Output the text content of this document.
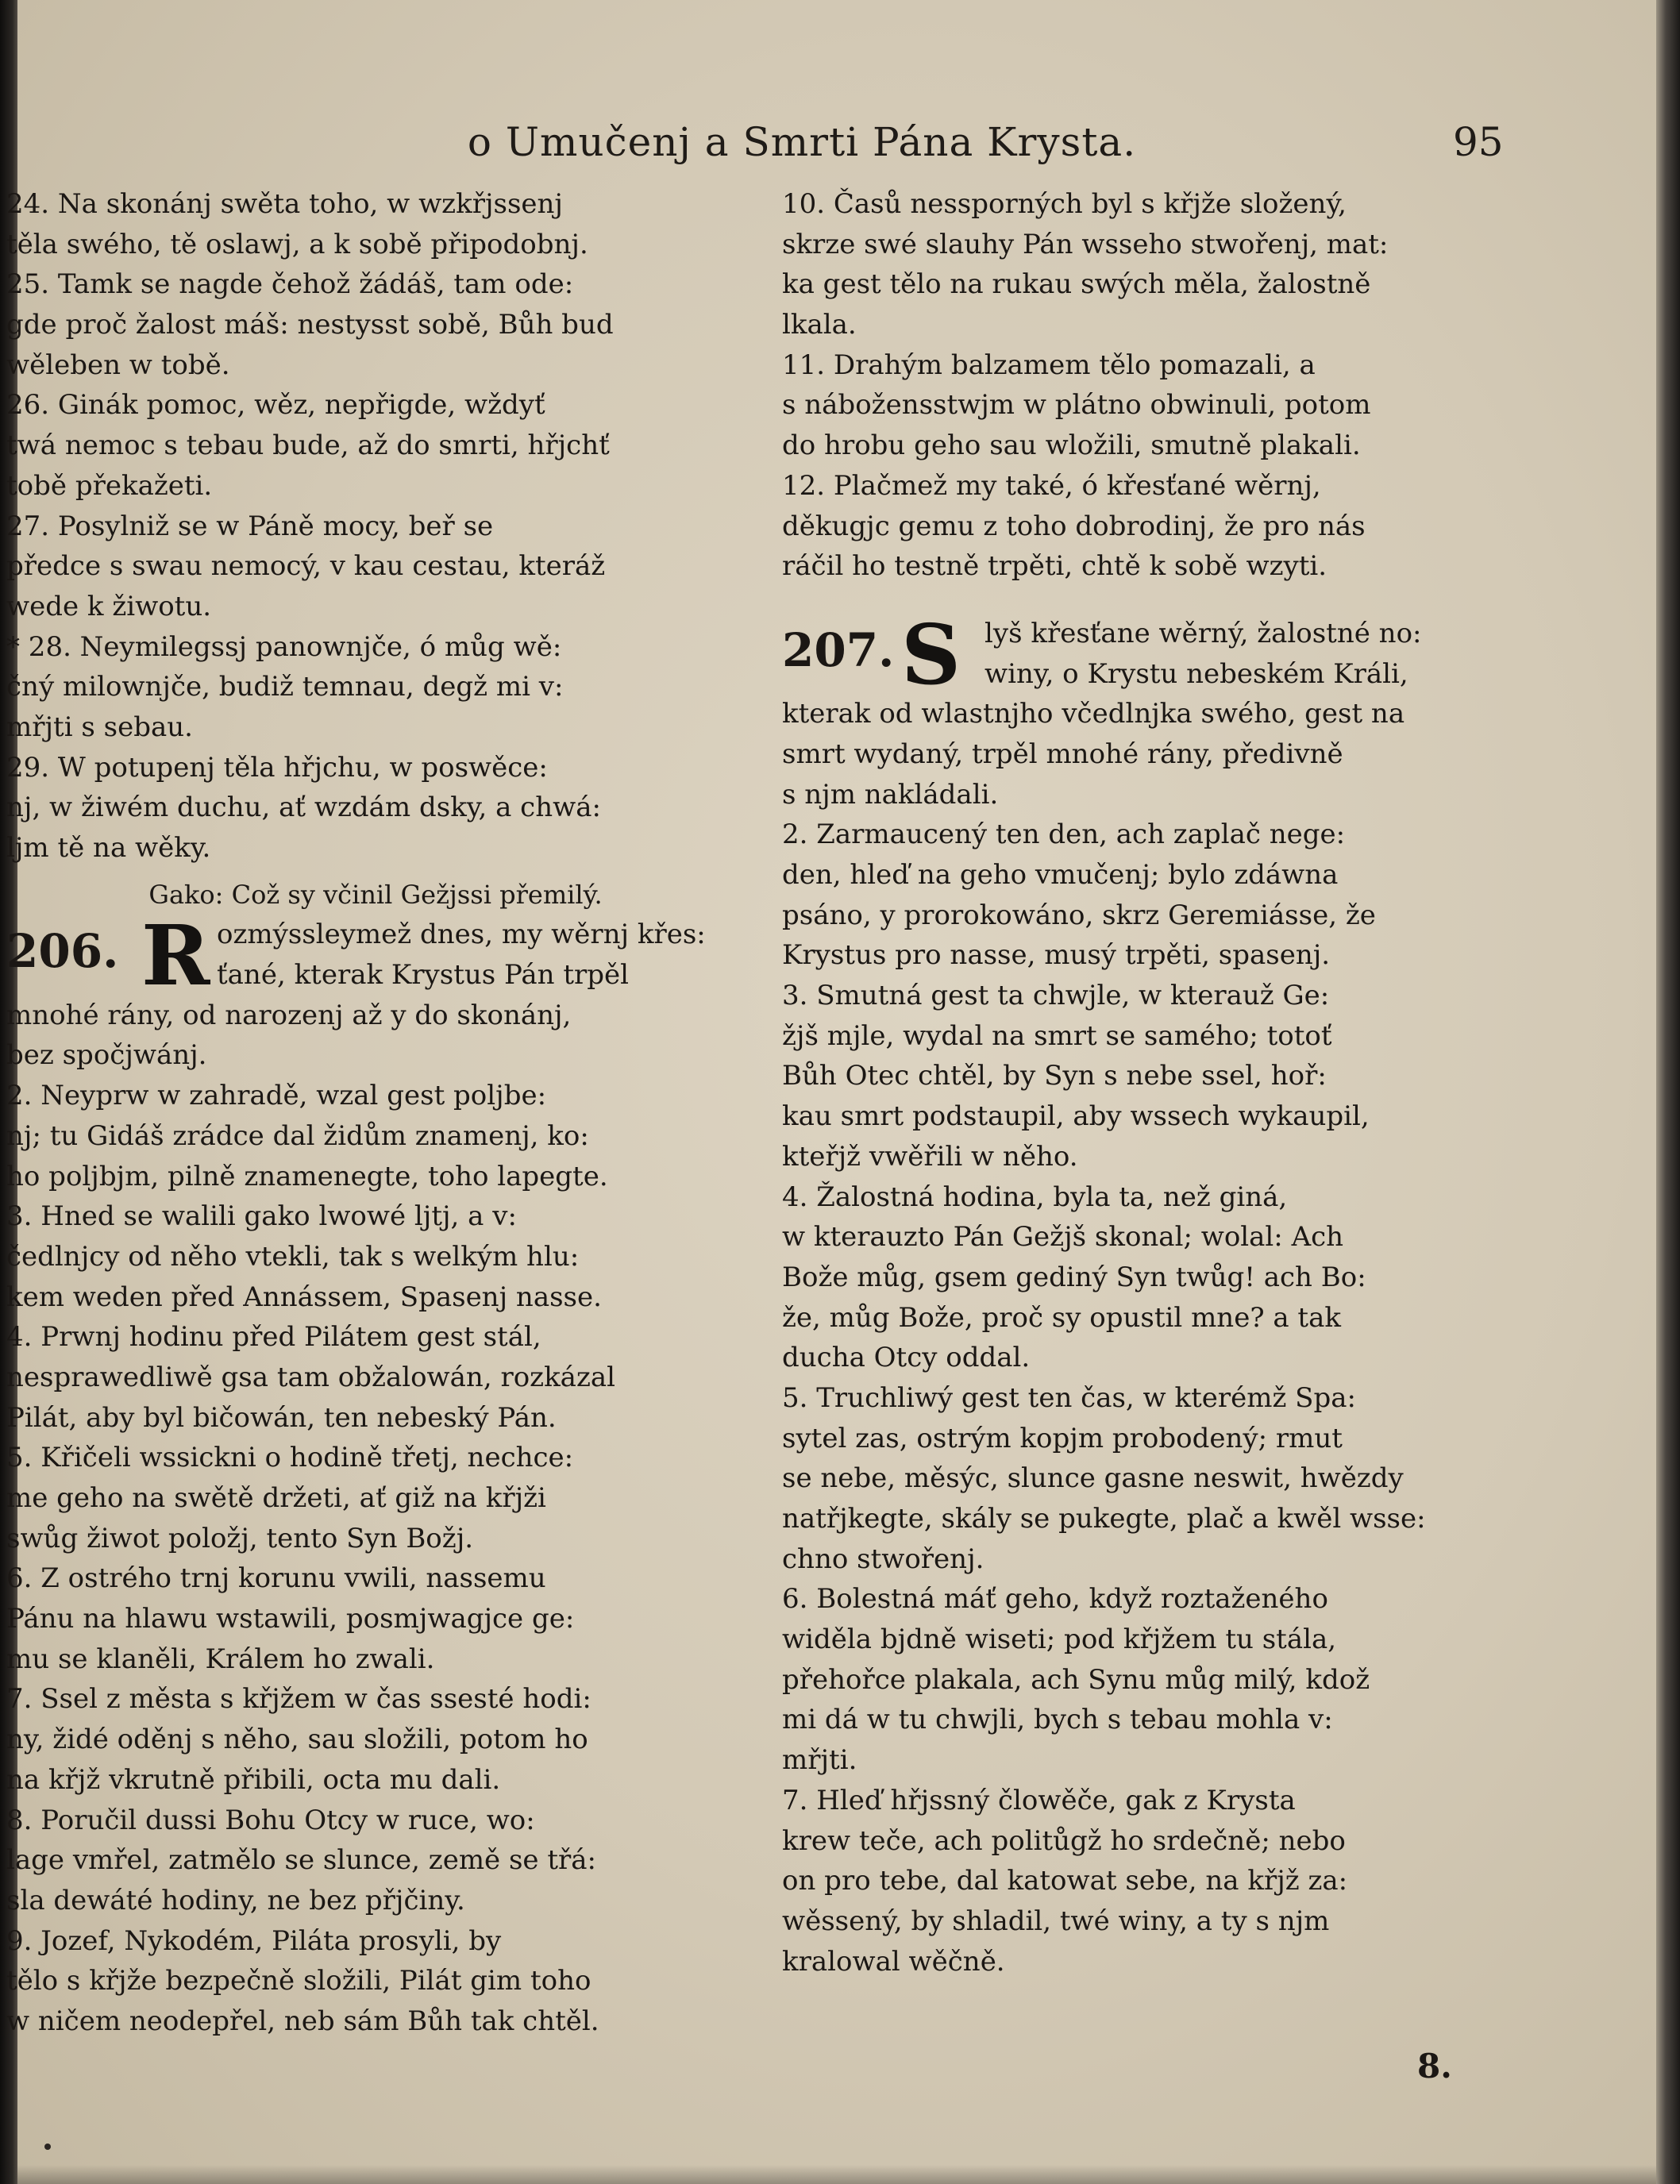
o Umučenj a Smrti Pána Krysta.	95
24. Na skonánj swěta toho, w wzkřjssenj
těla swého, tě oslawj, a k sobě připodobnj.
25. Tamk se nagde čehož žádáš, tam ode:
gde proč žalost máš: nestysst sobě, Bůh bud
wěleben w tobě.
26. Ginák pomoc, wěz, nepřigde, wždyť
twá nemoc s tebau bude, až do smrti, hřjchť
tobě překažeti.
27. Posylniž se w Páně mocy, beř se
předce s swau nemocý, v kau cestau, kteráž
wede k žiwotu.
* 28. Neymilegssj panownjče, ó můg wě:
čný milownjče, budiž temnau, degž mi v:
mřjti s sebau.
29. W potupenj těla hřjchu, w poswěce:
nj, w žiwém duchu, ať wzdám dsky, a chwá:
ljm tě na wěky.
Gako: Což sy včinil Gežjssi přemilý.
206. R ozmýssleymež dnes, my wěrnj křes:
ťané, kterak Krystus Pán trpěl
mnohé rány, od narozenj až y do skonánj,
bez spočjwánj.
2. Neyprw w zahradě, wzal gest poljbe:
nj; tu Gidáš zrádce dal židům znamenj, ko:
ho poljbjm, pilně znamenegte, toho lapegte.
3. Hned se walili gako lwowé ljtj, a v:
čedlnjcy od něho vtekli, tak s welkým hlu:
kem weden před Annássem, Spasenj nasse.
4. Prwnj hodinu před Pilátem gest stál,
nesprawedliwě gsa tam obžalowán, rozkázal
Pilát, aby byl bičowán, ten nebeský Pán.
5. Křičeli wssickni o hodině třetj, nechce:
me geho na swětě držeti, ať giž na křjži
swůg žiwot položj, tento Syn Božj.
6. Z ostrého trnj korunu vwili, nassemu
Pánu na hlawu wstawili, posmjwagjce ge:
mu se klaněli, Králem ho zwali.
7. Ssel z města s křjžem w čas ssesté hodi:
ny, židé oděnj s něho, sau složili, potom ho
na křjž vkrutně přibili, octa mu dali.
8. Poručil dussi Bohu Otcy w ruce, wo:
lage vmřel, zatmělo se slunce, země se třá:
sla dewáté hodiny, ne bez přjčiny.
9. Jozef, Nykodém, Piláta prosyli, by
tělo s křjže bezpečně složili, Pilát gim toho
w ničem neodepřel, neb sám Bůh tak chtěl.
10. Časů nessporných byl s křjže složený,
skrze swé slauhy Pán wsseho stwořenj, mat:
ka gest tělo na rukau swých měla, žalostně
lkala.
11. Drahým balzamem tělo pomazali, a
s nábožensstwjm w plátno obwinuli, potom
do hrobu geho sau wložili, smutně plakali.
12. Plačmež my také, ó křesťané wěrnj,
děkugjc gemu z toho dobrodinj, že pro nás
ráčil ho testně trpěti, chtě k sobě wzyti.
207. S lyš křesťane wěrný, žalostné no:
winy, o Krystu nebeském Králi,
kterak od wlastnjho včedlnjka swého, gest na
smrt wydaný, trpěl mnohé rány, předivně
s njm nakládali.
2. Zarmaucený ten den, ach zaplač nege:
den, hleď na geho vmučenj; bylo zdáwna
psáno, y prorokowáno, skrz Geremiásse, že
Krystus pro nasse, musý trpěti, spasenj.
3. Smutná gest ta chwjle, w kterauž Ge:
žjš mjle, wydal na smrt se samého; totoť
Bůh Otec chtěl, by Syn s nebe ssel, hoř:
kau smrt podstaupil, aby wssech wykaupil,
kteřjž vwěřili w něho.
4. Žalostná hodina, byla ta, než giná,
w kterauzto Pán Gežjš skonal; wolal: Ach
Bože můg, gsem gediný Syn twůg! ach Bo:
že, můg Bože, proč sy opustil mne? a tak
ducha Otcy oddal.
5. Truchliwý gest ten čas, w kterémž Spa:
sytel zas, ostrým kopjm probodený; rmut
se nebe, měsýc, slunce gasne neswit, hwězdy
natřjkegte, skály se pukegte, plač a kwěl wsse:
chno stwořenj.
6. Bolestná máť geho, když roztaženého
widěla bjdně wiseti; pod křjžem tu stála,
přehořce plakala, ach Synu můg milý, kdož
mi dá w tu chwjli, bych s tebau mohla v:
mřjti.
7. Hleď hřjssný člowěče, gak z Krysta
krew teče, ach politůgž ho srdečně; nebo
on pro tebe, dal katowat sebe, na křjž za:
wěssený, by shladil, twé winy, a ty s njm
kralowal wěčně.
8.
